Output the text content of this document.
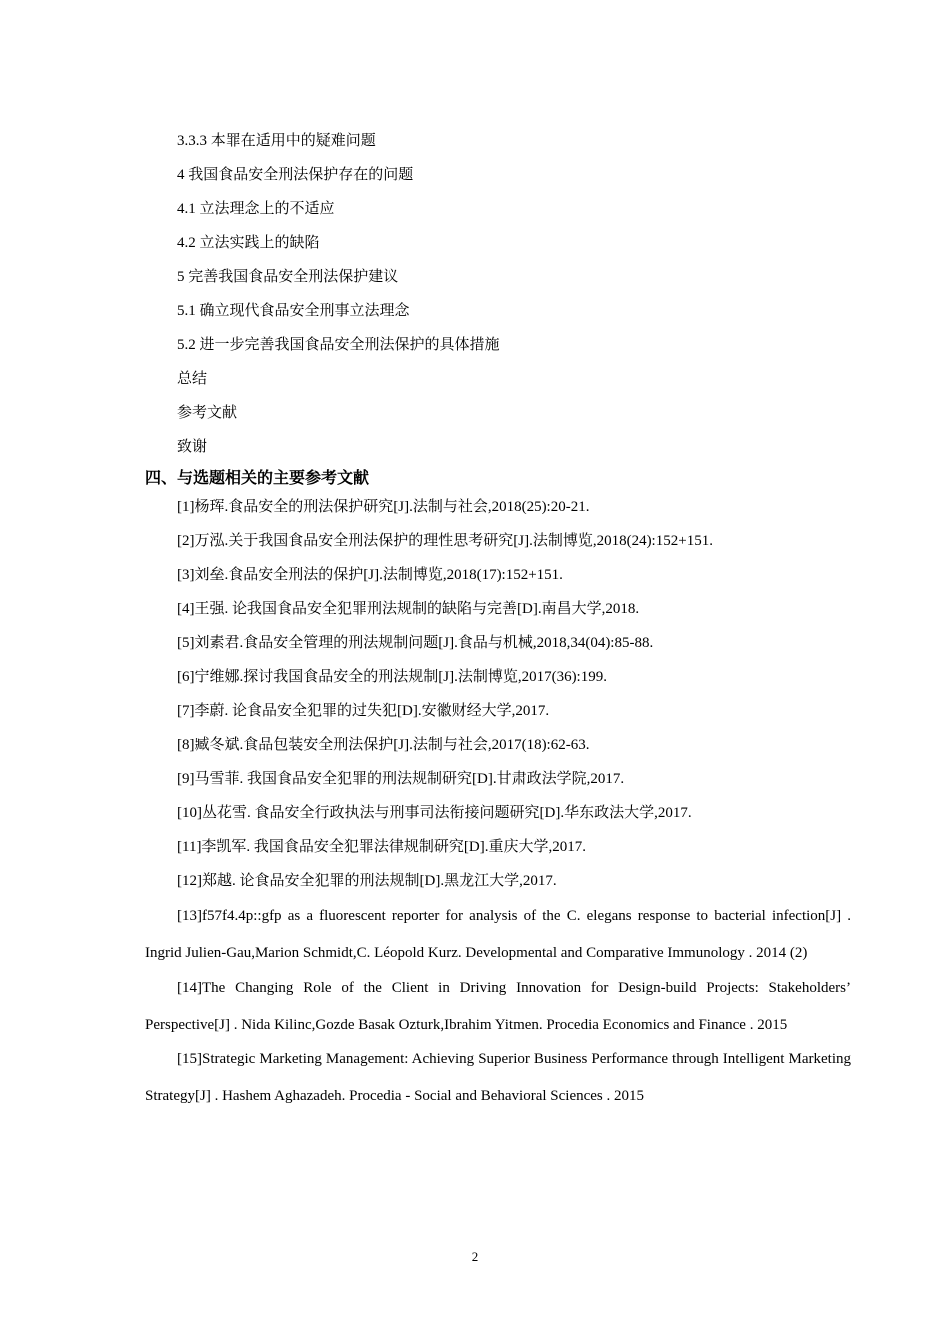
3.3.3 本罪在适用中的疑难问题
4 我国食品安全刑法保护存在的问题
4.1 立法理念上的不适应
4.2 立法实践上的缺陷
5 完善我国食品安全刑法保护建议
5.1 确立现代食品安全刑事立法理念
5.2 进一步完善我国食品安全刑法保护的具体措施
总结
参考文献
致谢
四、与选题相关的主要参考文献
[1]杨珲.食品安全的刑法保护研究[J].法制与社会,2018(25):20-21.
[2]万泓.关于我国食品安全刑法保护的理性思考研究[J].法制博览,2018(24):152+151.
[3]刘垒.食品安全刑法的保护[J].法制博览,2018(17):152+151.
[4]王强. 论我国食品安全犯罪刑法规制的缺陷与完善[D].南昌大学,2018.
[5]刘素君.食品安全管理的刑法规制问题[J].食品与机械,2018,34(04):85-88.
[6]宁维娜.探讨我国食品安全的刑法规制[J].法制博览,2017(36):199.
[7]李蔚. 论食品安全犯罪的过失犯[D].安徽财经大学,2017.
[8]臧冬斌.食品包装安全刑法保护[J].法制与社会,2017(18):62-63.
[9]马雪菲. 我国食品安全犯罪的刑法规制研究[D].甘肃政法学院,2017.
[10]丛花雪. 食品安全行政执法与刑事司法衔接问题研究[D].华东政法大学,2017.
[11]李凯军. 我国食品安全犯罪法律规制研究[D].重庆大学,2017.
[12]郑越. 论食品安全犯罪的刑法规制[D].黑龙江大学,2017.

[13]f57f4.4p::gfp as a fluorescent reporter for analysis of the C. elegans response to bacterial infection[J] . Ingrid Julien-Gau,Marion Schmidt,C. Léopold Kurz. Developmental and Comparative Immunology . 2014 (2)

[14]The Changing Role of the Client in Driving Innovation for Design-build Projects: Stakeholders’ Perspective[J] . Nida Kilinc,Gozde Basak Ozturk,Ibrahim Yitmen. Procedia Economics and Finance . 2015

[15]Strategic Marketing Management: Achieving Superior Business Performance through Intelligent Marketing Strategy[J] . Hashem Aghazadeh. Procedia - Social and Behavioral Sciences . 2015

2
